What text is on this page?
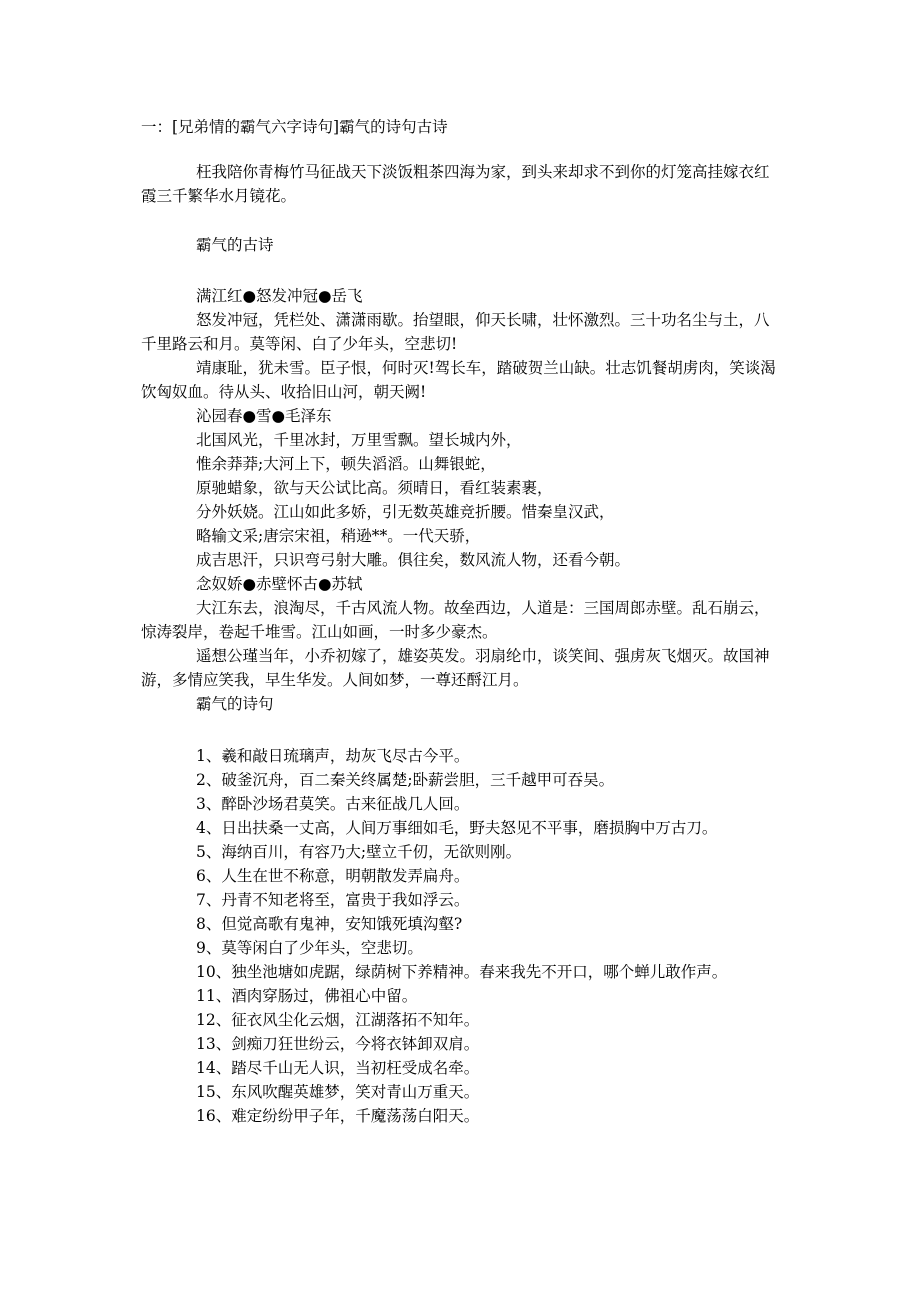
一：[兄弟情的霸气六字诗句]霸气的诗句古诗
枉我陪你青梅竹马征战天下淡饭粗茶四海为家，到头来却求不到你的灯笼高挂嫁衣红霞三千繁华水月镜花。
霸气的古诗
满江红●怒发冲冠●岳飞
怒发冲冠，凭栏处、潇潇雨歇。抬望眼，仰天长啸，壮怀激烈。三十功名尘与土，八千里路云和月。莫等闲、白了少年头，空悲切!
靖康耻，犹未雪。臣子恨，何时灭!驾长车，踏破贺兰山缺。壮志饥餐胡虏肉，笑谈渴饮匈奴血。待从头、收拾旧山河，朝天阙!
沁园春●雪●毛泽东
北国风光，千里冰封，万里雪飘。望长城内外，
惟余莽莽;大河上下，顿失滔滔。山舞银蛇，
原驰蜡象，欲与天公试比高。须晴日，看红装素裹，
分外妖娆。江山如此多娇，引无数英雄竞折腰。惜秦皇汉武，
略输文采;唐宗宋祖，稍逊**。一代天骄，
成吉思汗，只识弯弓射大雕。俱往矣，数风流人物，还看今朝。
念奴娇●赤壁怀古●苏轼
大江东去，浪淘尽，千古风流人物。故垒西边，人道是：三国周郎赤壁。乱石崩云，惊涛裂岸，卷起千堆雪。江山如画，一时多少豪杰。
遥想公瑾当年，小乔初嫁了，雄姿英发。羽扇纶巾，谈笑间、强虏灰飞烟灭。故国神游，多情应笑我，早生华发。人间如梦，一尊还酹江月。
霸气的诗句
1、羲和敲日琉璃声，劫灰飞尽古今平。
2、破釜沉舟，百二秦关终属楚;卧薪尝胆，三千越甲可吞吴。
3、醉卧沙场君莫笑。古来征战几人回。
4、日出扶桑一丈高，人间万事细如毛，野夫怒见不平事，磨损胸中万古刀。
5、海纳百川，有容乃大;壁立千仞，无欲则刚。
6、人生在世不称意，明朝散发弄扁舟。
7、丹青不知老将至，富贵于我如浮云。
8、但觉高歌有鬼神，安知饿死填沟壑?
9、莫等闲白了少年头，空悲切。
10、独坐池塘如虎踞，绿荫树下养精神。春来我先不开口，哪个蝉儿敢作声。
11、酒肉穿肠过，佛祖心中留。
12、征衣风尘化云烟，江湖落拓不知年。
13、剑痴刀狂世纷云，今将衣钵卸双肩。
14、踏尽千山无人识，当初枉受成名牵。
15、东风吹醒英雄梦，笑对青山万重天。
16、难定纷纷甲子年，千魔荡荡白阳天。
